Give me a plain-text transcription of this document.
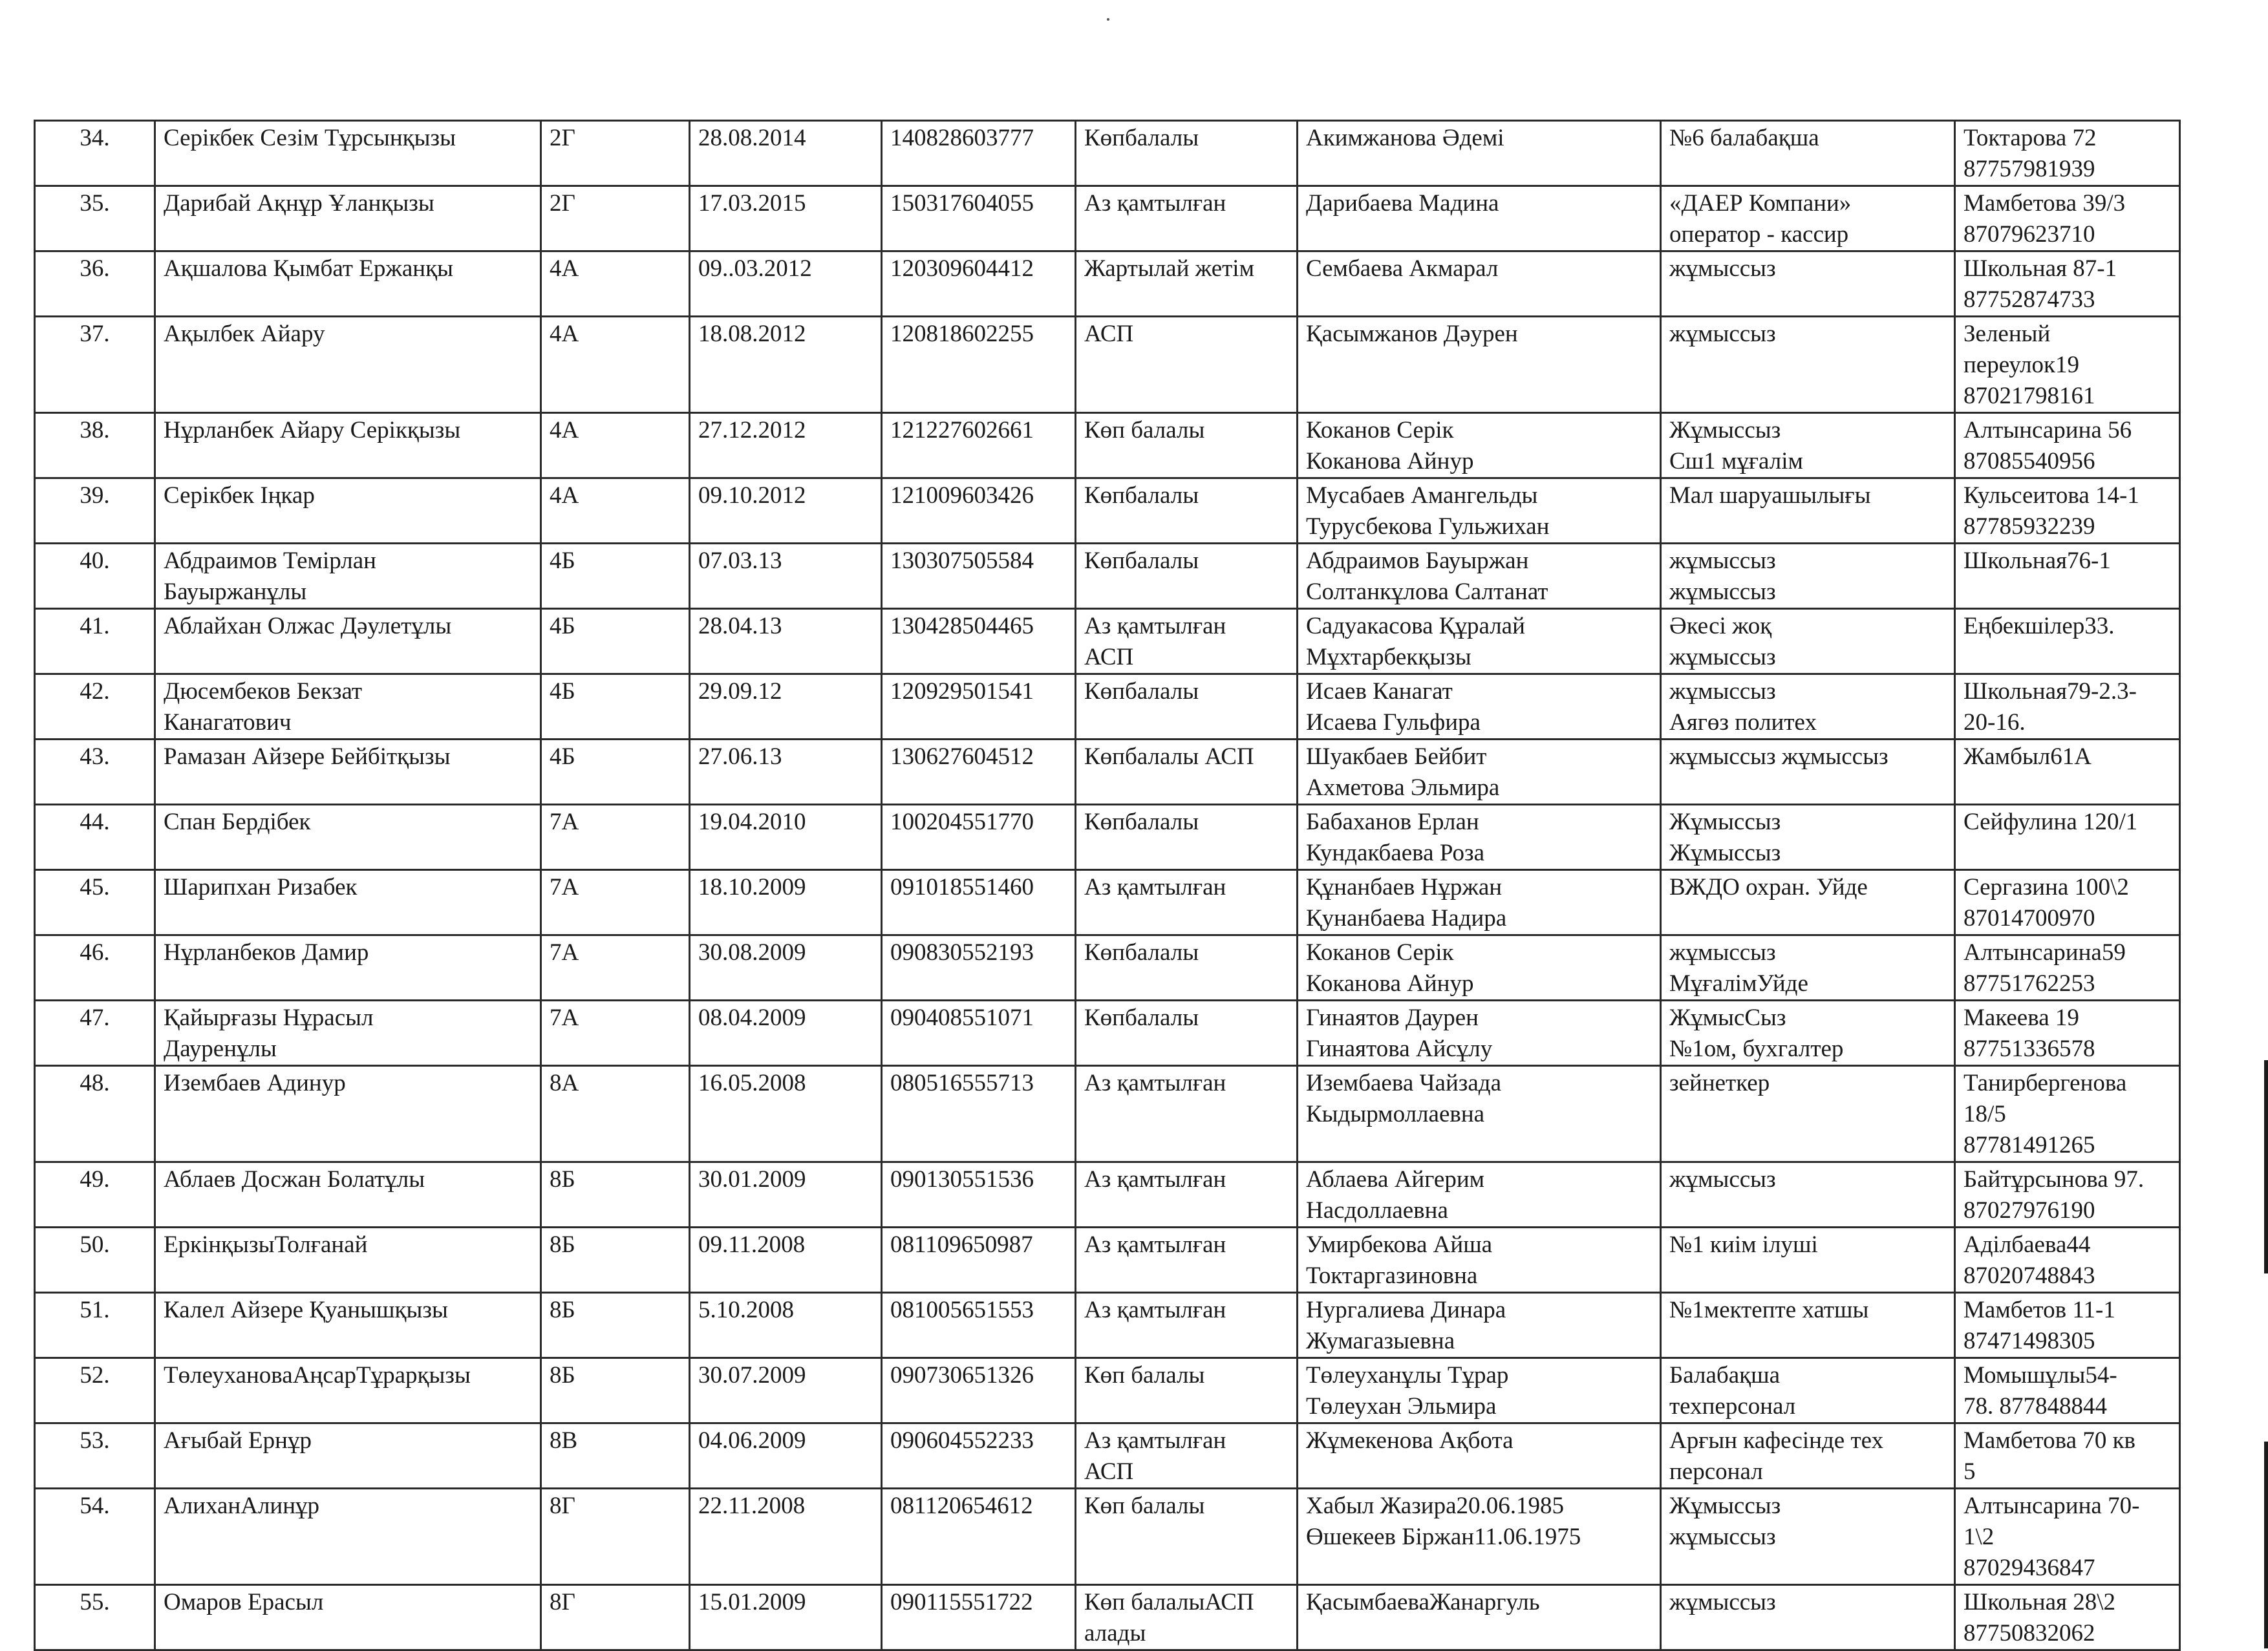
34.	Серікбек Сезім Тұрсынқызы	2Г	28.08.2014	140828603777	Көпбалалы	Акимжанова Әдемі	№6 балабақша	Токтарова 72
87757981939
35.	Дарибай Ақнұр Ұланқызы	2Г	17.03.2015	150317604055	Аз қамтылған	Дарибаева Мадина	«ДАЕР Компани»
оператор - кассир	Мамбетова 39/3
87079623710
36.	Ақшалова Қымбат Ержанқы	4А	09..03.2012	120309604412	Жартылай жетім	Сембаева Акмарал	жұмыссыз	Школьная 87-1
87752874733
37.	Ақылбек Айару	4А	18.08.2012	120818602255	АСП	Қасымжанов Дәурен	жұмыссыз	Зеленый
переулок19
87021798161
38.	Нұрланбек Айару Серікқызы	4А	27.12.2012	121227602661	Көп балалы	Коканов Серік
Коканова Айнур	Жұмыссыз
Сш1 мұғалім	Алтынсарина 56
87085540956
39.	Серікбек Іңкар	4А	09.10.2012	121009603426	Көпбалалы	Мусабаев Амангельды
Турусбекова Гульжихан	Мал шаруашылығы	Кульсеитова 14-1
87785932239
40.	Абдраимов Темірлан
Бауыржанұлы	4Б	07.03.13	130307505584	Көпбалалы	Абдраимов Бауыржан
Солтанкұлова Салтанат	жұмыссыз
жұмыссыз	Школьная76-1
41.	Аблайхан Олжас Дәулетұлы	4Б	28.04.13	130428504465	Аз қамтылған
АСП	Садуакасова Құралай
Мұхтарбекқызы	Әкесі жоқ
жұмыссыз	Еңбекшілер33.
42.	Дюсембеков Бекзат
Канагатович	4Б	29.09.12	120929501541	Көпбалалы	Исаев Канагат
Исаева Гульфира	жұмыссыз
Аягөз политех	Школьная79-2.3-
20-16.
43.	Рамазан Айзере Бейбітқызы	4Б	27.06.13	130627604512	Көпбалалы АСП	Шуакбаев Бейбит
Ахметова Эльмира	жұмыссыз жұмыссыз	Жамбыл61А
44.	Спан Бердібек	7А	19.04.2010	100204551770	Көпбалалы	Бабаханов Ерлан
Кундакбаева Роза	Жұмыссыз
Жұмыссыз	Сейфулина 120/1
45.	Шарипхан Ризабек	7А	18.10.2009	091018551460	Аз қамтылған	Құнанбаев Нұржан
Қунанбаева Надира	ВЖДО охран. Уйде	Сергазина 100\2
87014700970
46.	Нұрланбеков Дамир	7А	30.08.2009	090830552193	Көпбалалы	Коканов Серік
Коканова Айнур	жұмыссыз
МұғалімУйде	Алтынсарина59
87751762253
47.	Қайырғазы Нұрасыл
Дауренұлы	7А	08.04.2009	090408551071	Көпбалалы	Гинаятов Даурен
Гинаятова Айсұлу	ЖұмысСыз
№1ом, бухгалтер	Макеева 19
87751336578
48.	Изембаев Адинур	8А	16.05.2008	080516555713	Аз қамтылған	Изембаева Чайзада
Кыдырмоллаевна	зейнеткер	Танирбергенова
18/5
87781491265
49.	Аблаев Досжан Болатұлы	8Б	30.01.2009	090130551536	Аз қамтылған	Аблаева Айгерим
Насдоллаевна	жұмыссыз	Байтұрсынова 97.
87027976190
50.	ЕркінқызыТолғанай	8Б	09.11.2008	081109650987	Аз қамтылған	Умирбекова Айша
Токтаргазиновна	№1 киім ілуші	Адiлбаева44
87020748843
51.	Калел Айзере Қуанышқызы	8Б	5.10.2008	081005651553	Аз қамтылған	Нургалиева Динара
Жумагазыевна	№1мектепте хатшы	Мамбетов 11-1
87471498305
52.	ТөлеухановаАңсарТұрарқызы	8Б	30.07.2009	090730651326	Көп балалы	Төлеуханұлы Тұрар
Төлеухан Эльмира	Балабақша
техперсонал	Момышұлы54-
78. 877848844
53.	Ағыбай Ернұр	8В	04.06.2009	090604552233	Аз қамтылған
АСП	Жұмекенова Ақбота	Арғын кафесінде тех
персонал	Мамбетова 70 кв
5
54.	АлиханАлинұр	8Г	22.11.2008	081120654612	Көп балалы	Хабыл Жазира20.06.1985
Өшекеев Біржан11.06.1975	Жұмыссыз
жұмыссыз	Алтынсарина 70-
1\2
87029436847
55.	Омаров Ерасыл	8Г	15.01.2009	090115551722	Көп балалыАСП
алады	ҚасымбаеваЖанаргуль	жұмыссыз	Школьная 28\2
87750832062
